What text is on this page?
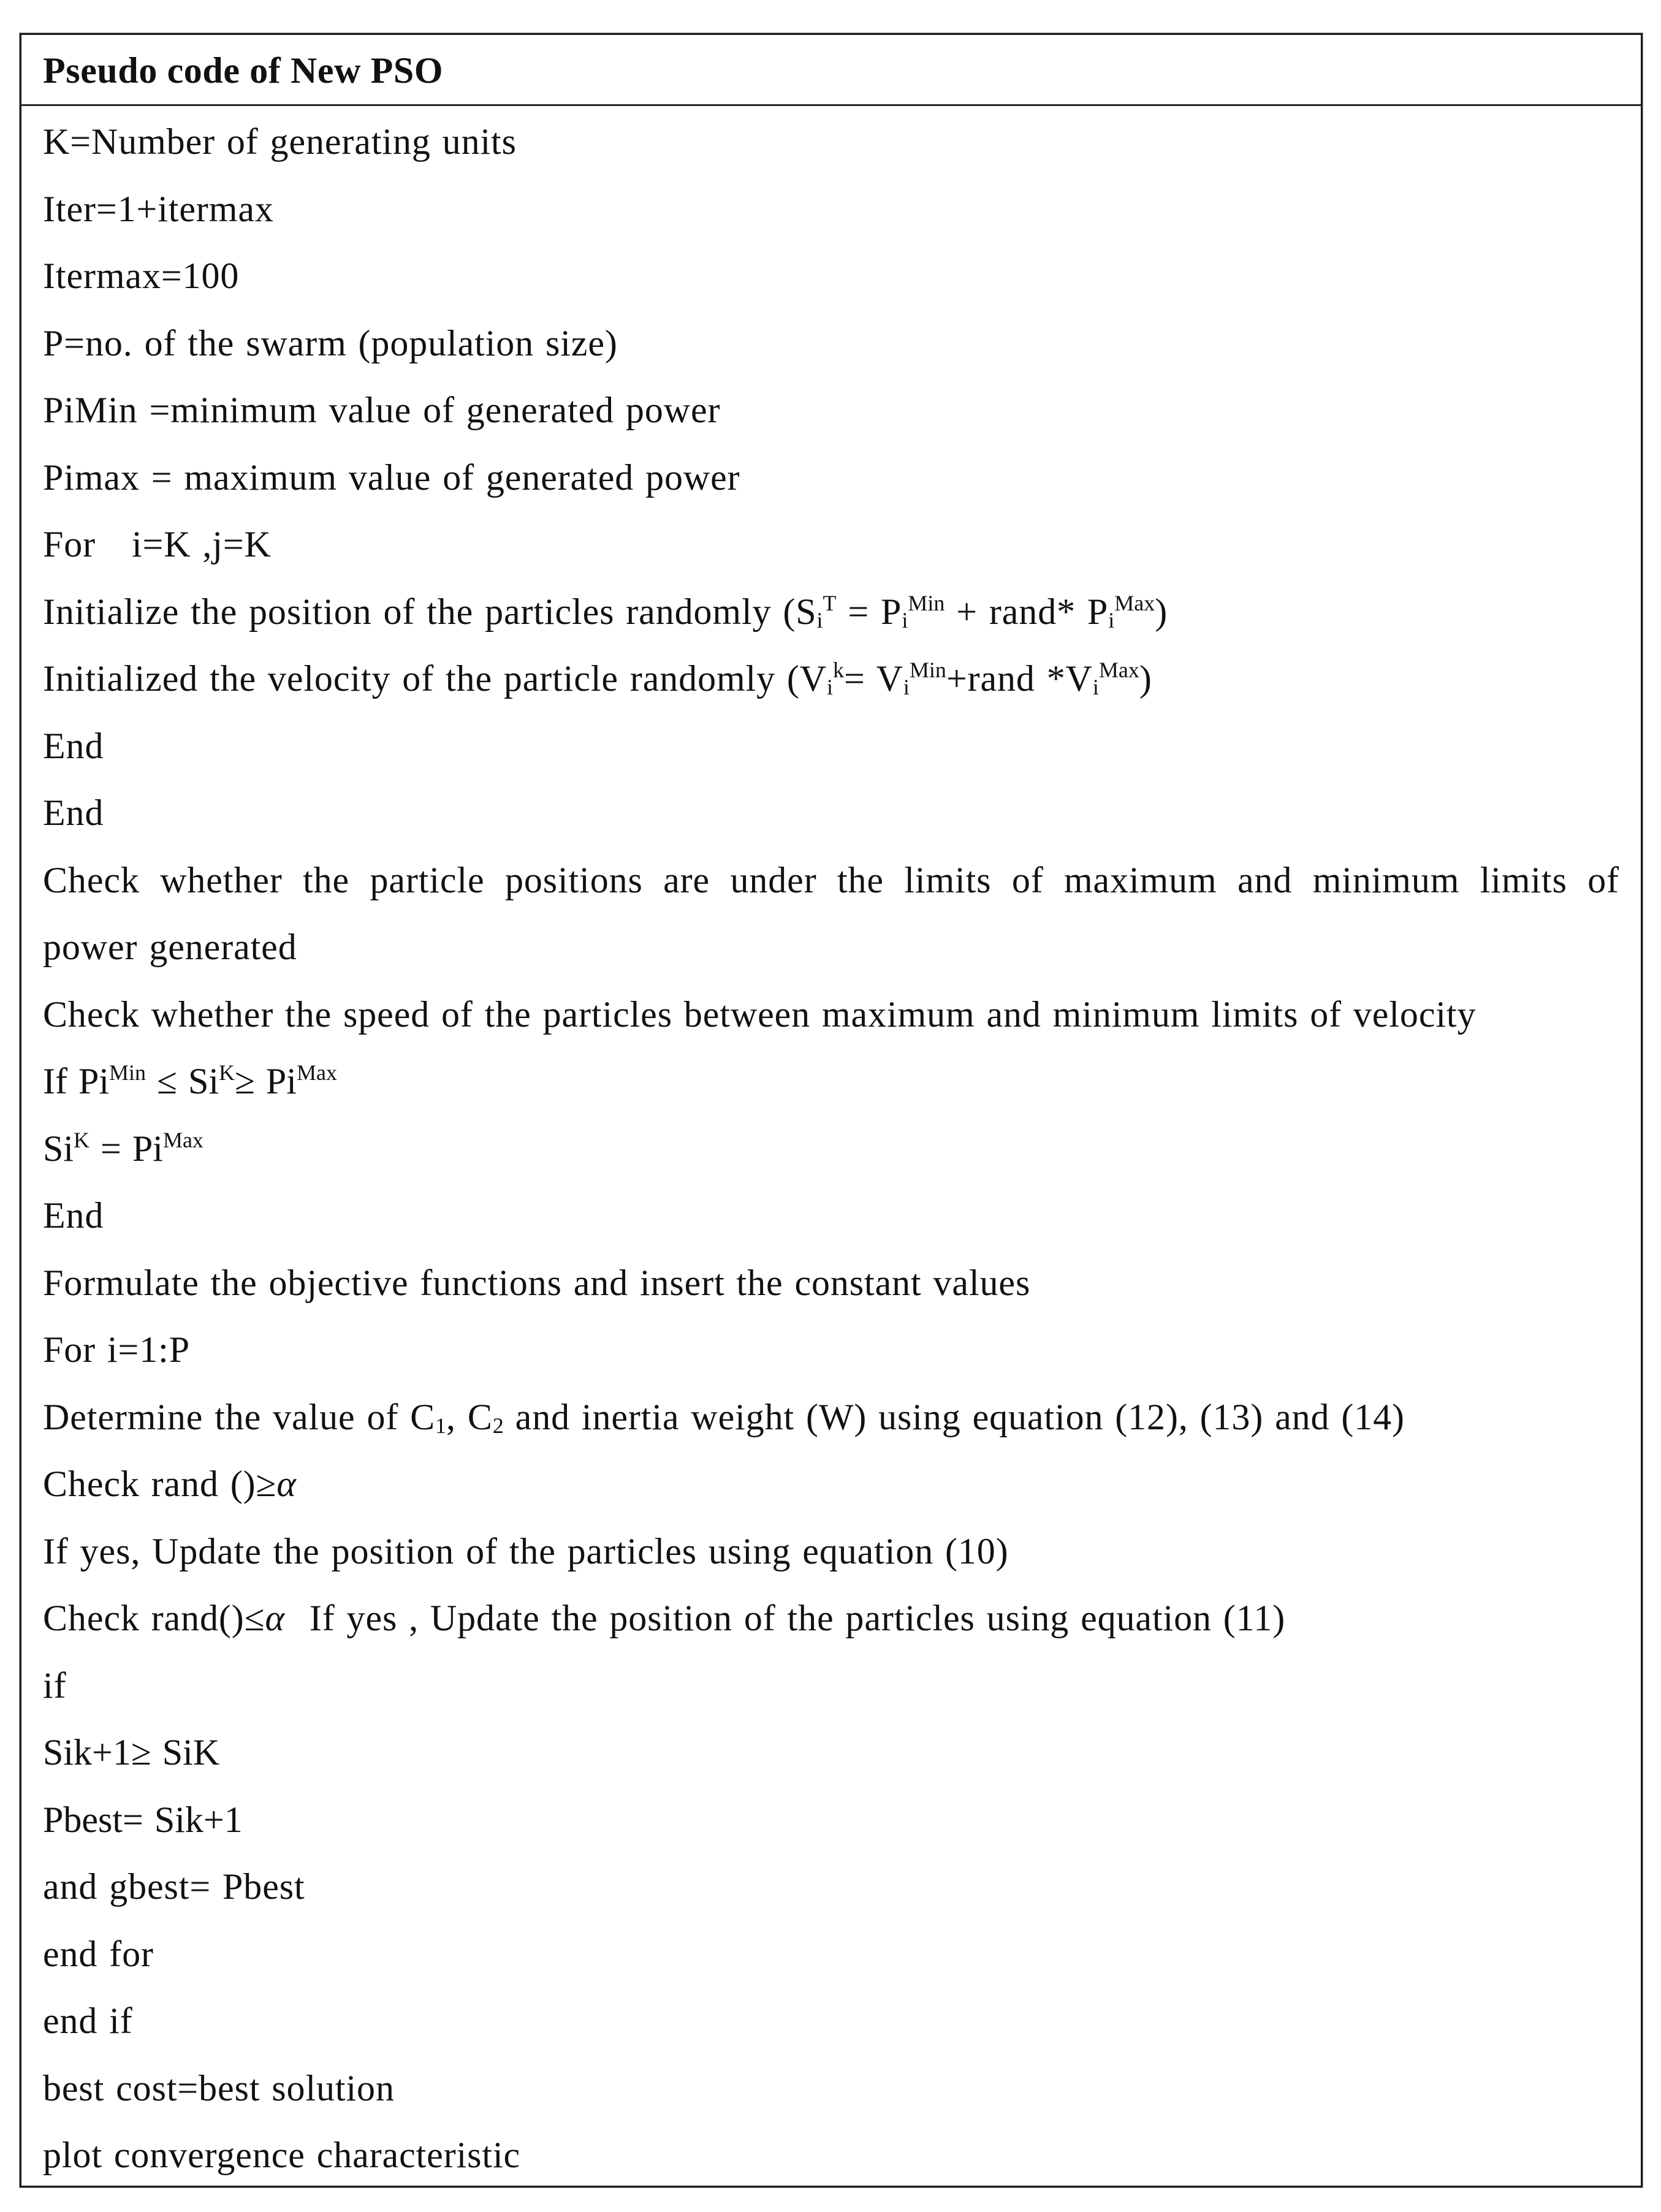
Pseudo code of New PSO
K=Number of generating units
Iter=1+itermax
Itermax=100
P=no. of the swarm (population size)
PiMin =minimum value of generated power
Pimax = maximum value of generated power
For i=K ,j=K
Initialize the position of the particles randomly ($S_i^T = P_i^{Min}$ + rand* $P_i^{Max}$)
Initialized the velocity of the particle randomly ($V_i^k=$ $V_i^{Min}+rand$ $*V_i^{Max}$)
End
End
Check whether the particle positions are under the limits of maximum and minimum limits of
power generated
Check whether the speed of the particles between maximum and minimum limits of velocity
If $Pi^{Min} \le Si^K\ge Pi^{Max}$
$Si^K = Pi^{Max}$
End
Formulate the objective functions and insert the constant values
For i=1:P
Determine the value of $C_1$, $C_2$ and inertia weight (W) using equation (12), (13) and (14)
Check rand ()≥α
If yes, Update the position of the particles using equation (10)
Check rand()≤α If yes , Update the position of the particles using equation (11)
if
Sik+1≥ SiK
Pbest= Sik+1
and gbest= Pbest
end for
end if
best cost=best solution
plot convergence characteristic
